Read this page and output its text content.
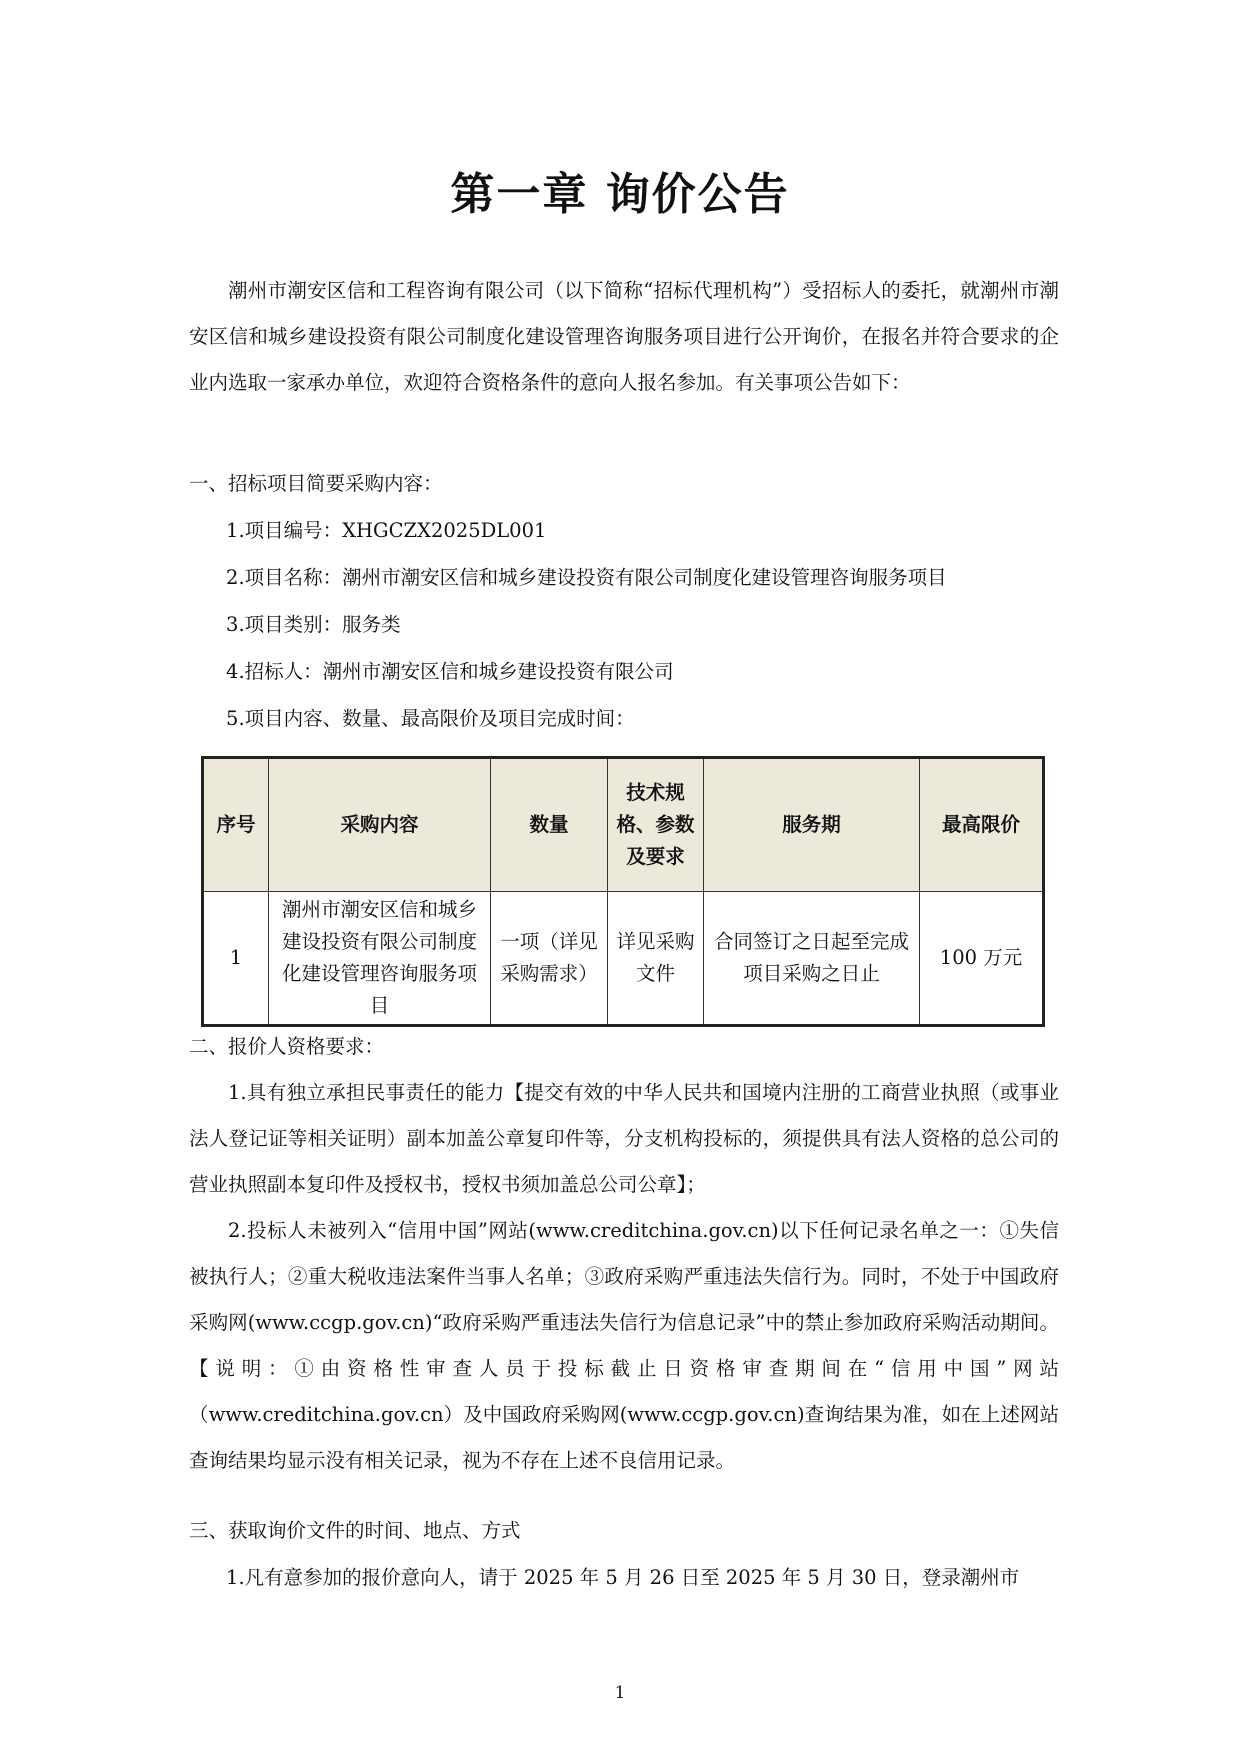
第一章 询价公告

潮州市潮安区信和工程咨询有限公司（以下简称“招标代理机构”）受招标人的委托，就潮州市潮安区信和城乡建设投资有限公司制度化建设管理咨询服务项目进行公开询价，在报名并符合要求的企业内选取一家承办单位，欢迎符合资格条件的意向人报名参加。有关事项公告如下：

一、招标项目简要采购内容：

1.项目编号：XHGCZX2025DL001

2.项目名称：潮州市潮安区信和城乡建设投资有限公司制度化建设管理咨询服务项目

3.项目类别：服务类

4.招标人：潮州市潮安区信和城乡建设投资有限公司

5.项目内容、数量、最高限价及项目完成时间：

序号	采购内容	数量	技术规格、参数及要求	服务期	最高限价
1	潮州市潮安区信和城乡建设投资有限公司制度化建设管理咨询服务项目	一项（详见采购需求）	详见采购文件	合同签订之日起至完成项目采购之日止	100 万元

二、报价人资格要求：

1.具有独立承担民事责任的能力【提交有效的中华人民共和国境内注册的工商营业执照（或事业法人登记证等相关证明）副本加盖公章复印件等，分支机构投标的，须提供具有法人资格的总公司的营业执照副本复印件及授权书，授权书须加盖总公司公章】；

2.投标人未被列入“信用中国”网站(www.creditchina.gov.cn)以下任何记录名单之一：①失信被执行人；②重大税收违法案件当事人名单；③政府采购严重违法失信行为。同时，不处于中国政府采购网(www.ccgp.gov.cn)“政府采购严重违法失信行为信息记录”中的禁止参加政府采购活动期间。【说明：①由资格性审查人员于投标截止日资格审查期间在“信用中国”网站（www.creditchina.gov.cn）及中国政府采购网(www.ccgp.gov.cn)查询结果为准，如在上述网站查询结果均显示没有相关记录，视为不存在上述不良信用记录。

三、获取询价文件的时间、地点、方式

1.凡有意参加的报价意向人，请于 2025 年 5 月 26 日至 2025 年 5 月 30 日，登录潮州市

1
